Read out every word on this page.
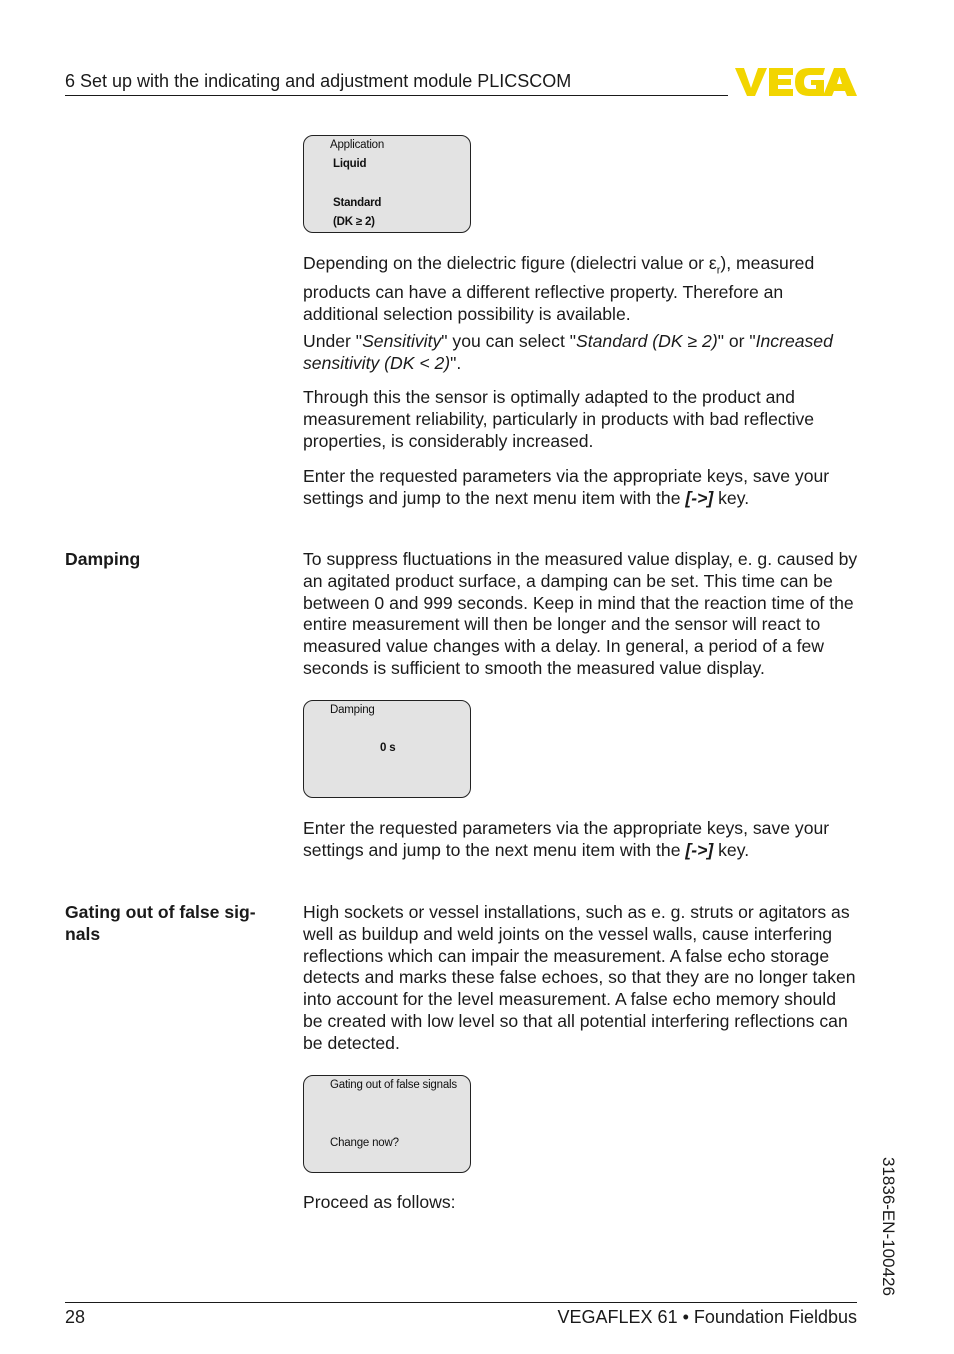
6 Set up with the indicating and adjustment module PLICSCOM
Application
Liquid
Standard
(DK ≥ 2)

Depending on the dielectric figure (dielectri value or $\varepsilon_r$), measured products can have a different reflective property. Therefore an additional selection possibility is available.

Under "Sensitivity" you can select "Standard (DK ≥ 2)" or "Increased sensitivity (DK < 2)".

Through this the sensor is optimally adapted to the product and measurement reliability, particularly in products with bad reflective properties, is considerably increased.

Enter the requested parameters via the appropriate keys, save your settings and jump to the next menu item with the [->] key.

Damping	To suppress fluctuations in the measured value display, e. g. caused by an agitated product surface, a damping can be set. This time can be between 0 and 999 seconds. Keep in mind that the reaction time of the entire measurement will then be longer and the sensor will react to measured value changes with a delay. In general, a period of a few seconds is sufficient to smooth the measured value display.

Damping
0 s

Enter the requested parameters via the appropriate keys, save your settings and jump to the next menu item with the [->] key.

Gating out of false sig-
nals

High sockets or vessel installations, such as e. g. struts or agitators as well as buildup and weld joints on the vessel walls, cause interfering reflections which can impair the measurement. A false echo storage detects and marks these false echoes, so that they are no longer taken into account for the level measurement. A false echo memory should be created with low level so that all potential interfering reflections can be detected.

Gating out of false signals
Change now?

Proceed as follows:	31836-EN-100426
28	VEGAFLEX 61 • Foundation Fieldbus
